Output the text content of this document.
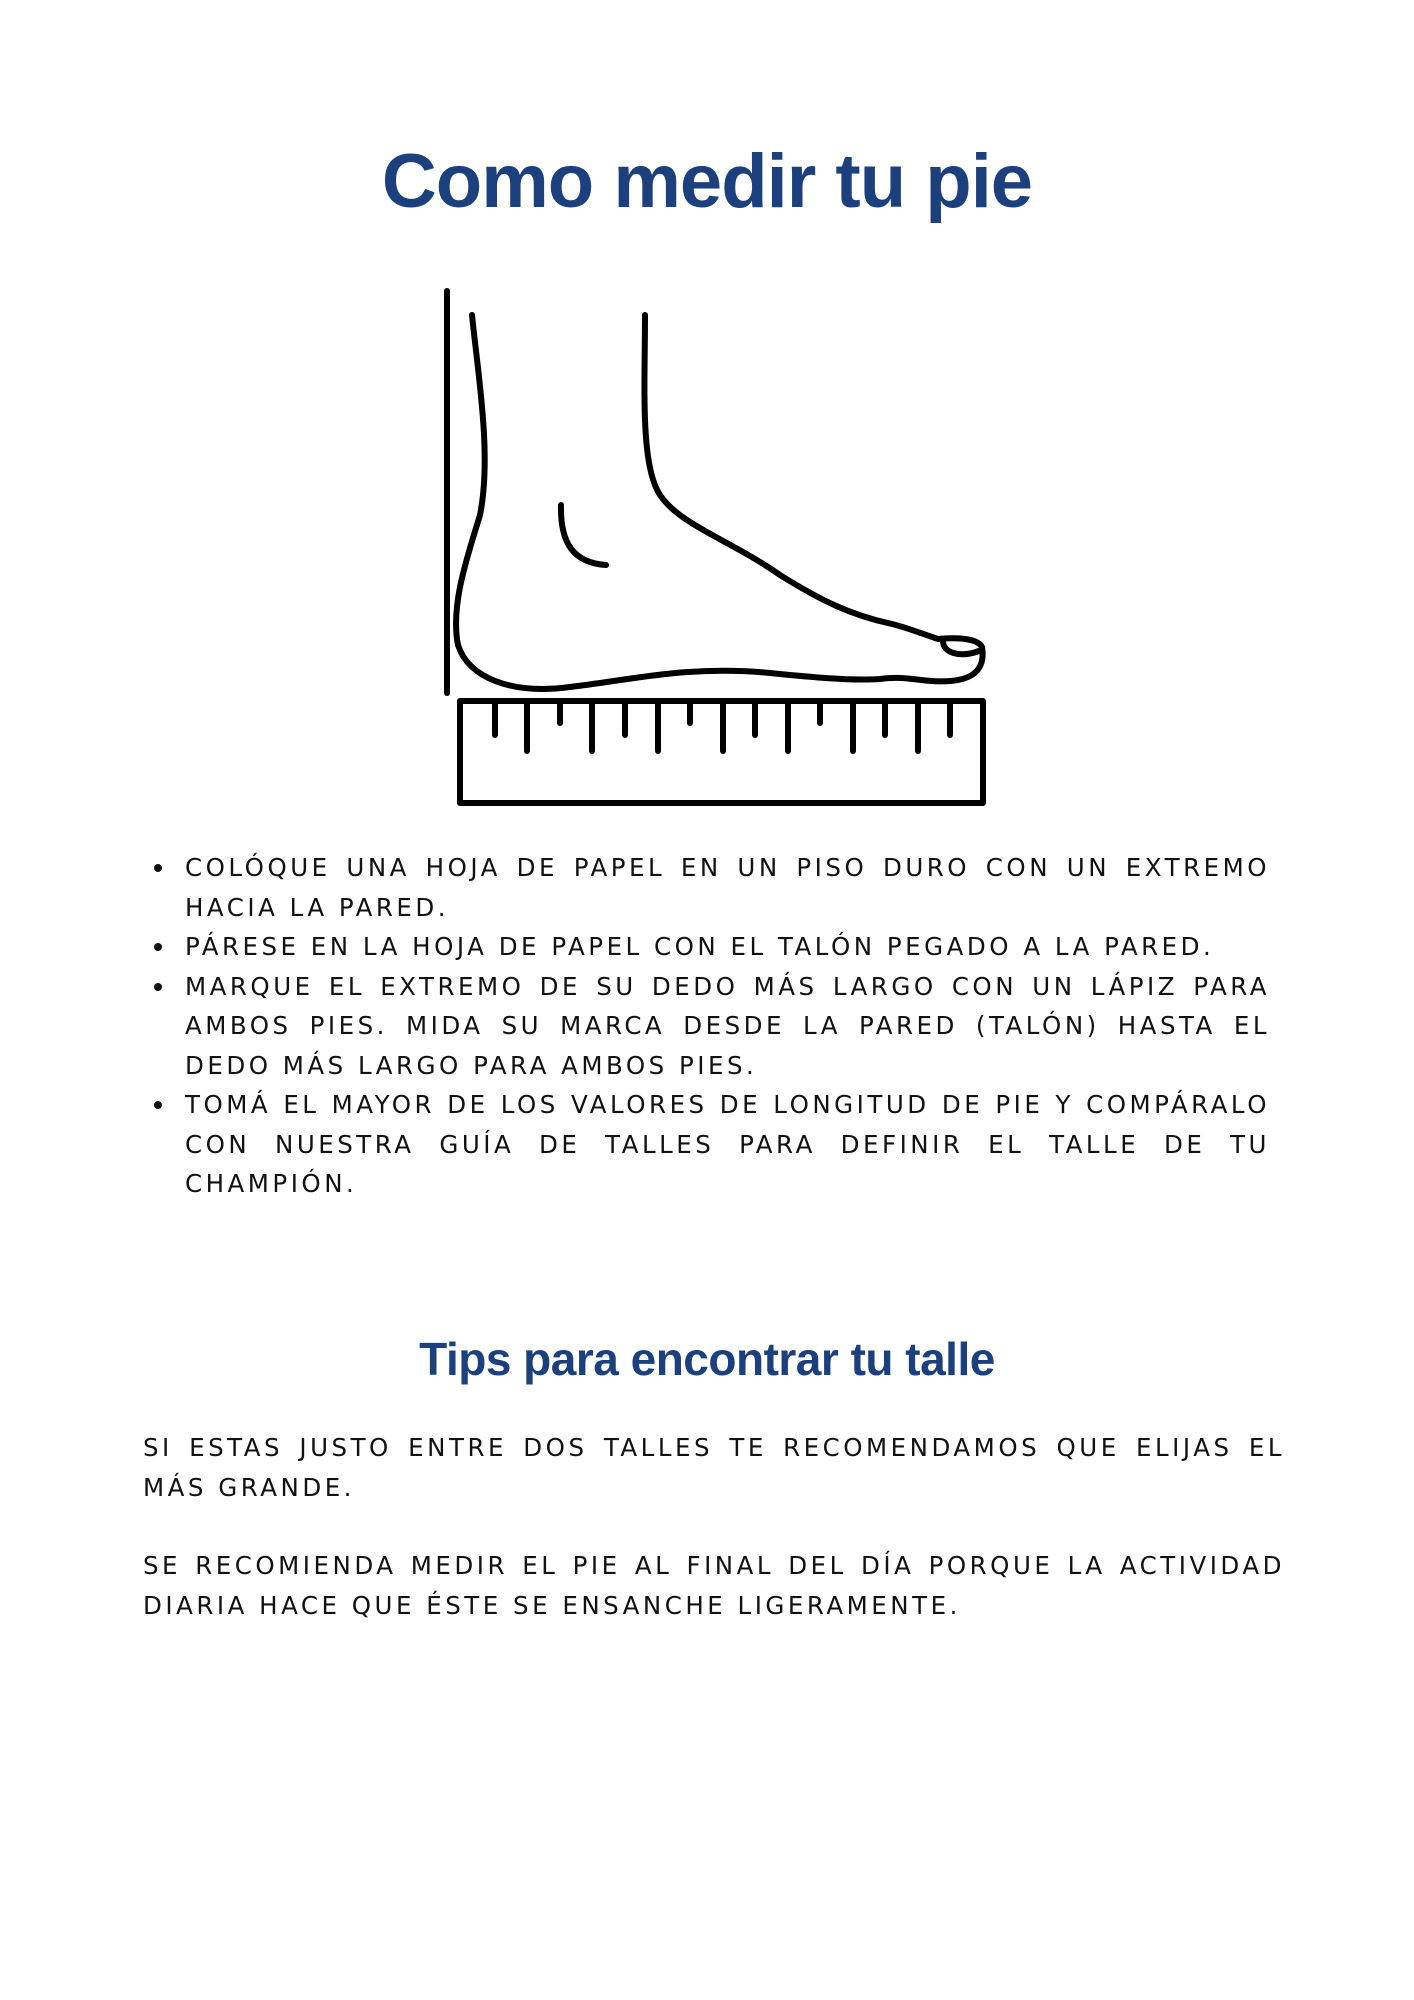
Como medir tu pie
COLÓQUE UNA HOJA DE PAPEL EN UN PISO DURO CON UN EXTREMO HACIA LA PARED.
PÁRESE EN LA HOJA DE PAPEL CON EL TALÓN PEGADO A LA PARED.
MARQUE EL EXTREMO DE SU DEDO MÁS LARGO CON UN LÁPIZ PARA AMBOS PIES. MIDA SU MARCA DESDE LA PARED (TALÓN) HASTA EL DEDO MÁS LARGO PARA AMBOS PIES.
TOMÁ EL MAYOR DE LOS VALORES DE LONGITUD DE PIE Y COMPÁRALO CON NUESTRA GUÍA DE TALLES PARA DEFINIR EL TALLE DE TU CHAMPIÓN.
Tips para encontrar tu talle

SI ESTAS JUSTO ENTRE DOS TALLES TE RECOMENDAMOS QUE ELIJAS EL MÁS GRANDE.

SE RECOMIENDA MEDIR EL PIE AL FINAL DEL DÍA PORQUE LA ACTIVIDAD DIARIA HACE QUE ÉSTE SE ENSANCHE LIGERAMENTE.
